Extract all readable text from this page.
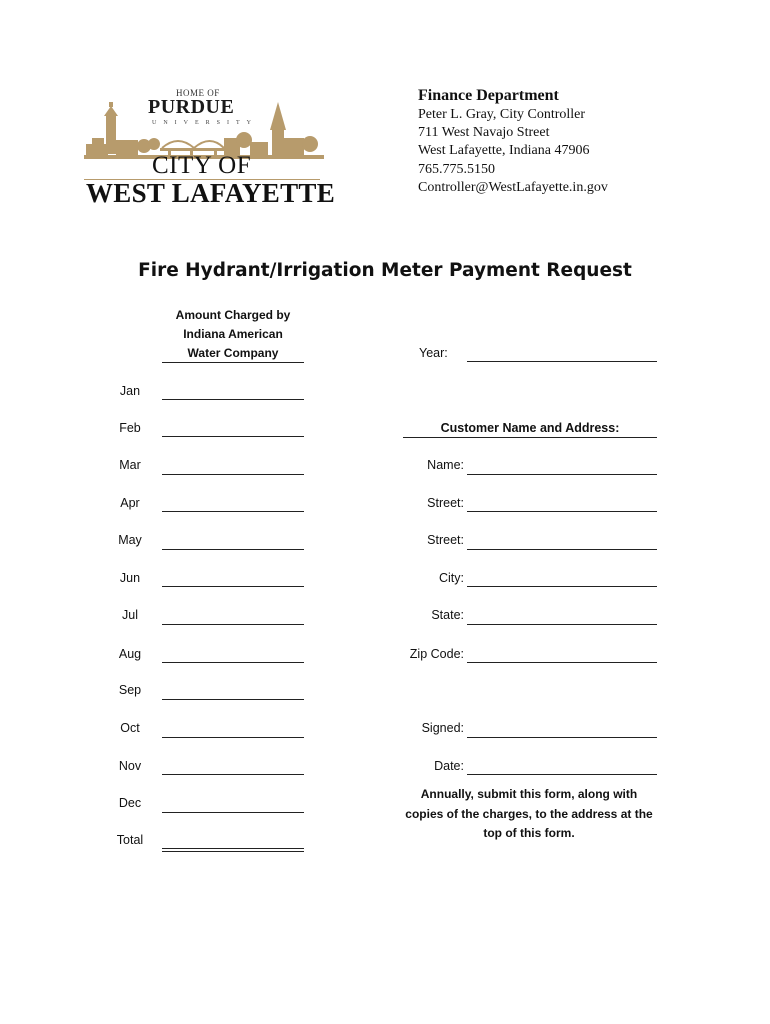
HOME OF
PURDUE
UNIVERSITY
CITY OF
WEST LAFAYETTE
Finance Department
Peter L. Gray, City Controller
711 West Navajo Street
West Lafayette, Indiana 47906
765.775.5150
Controller@WestLafayette.in.gov
Fire Hydrant/Irrigation Meter Payment Request
Amount Charged by
Indiana American
Water Company	Year:
Jan
Feb
Mar
Apr
May
Jun
Jul
Aug
Sep
Oct
Nov
Dec
Total
Customer Name and Address:
Name:
Street:
Street:
City:
State:
Zip Code:
Signed:
Date:
Annually, submit this form, along with
copies of the charges, to the address at the
top of this form.
